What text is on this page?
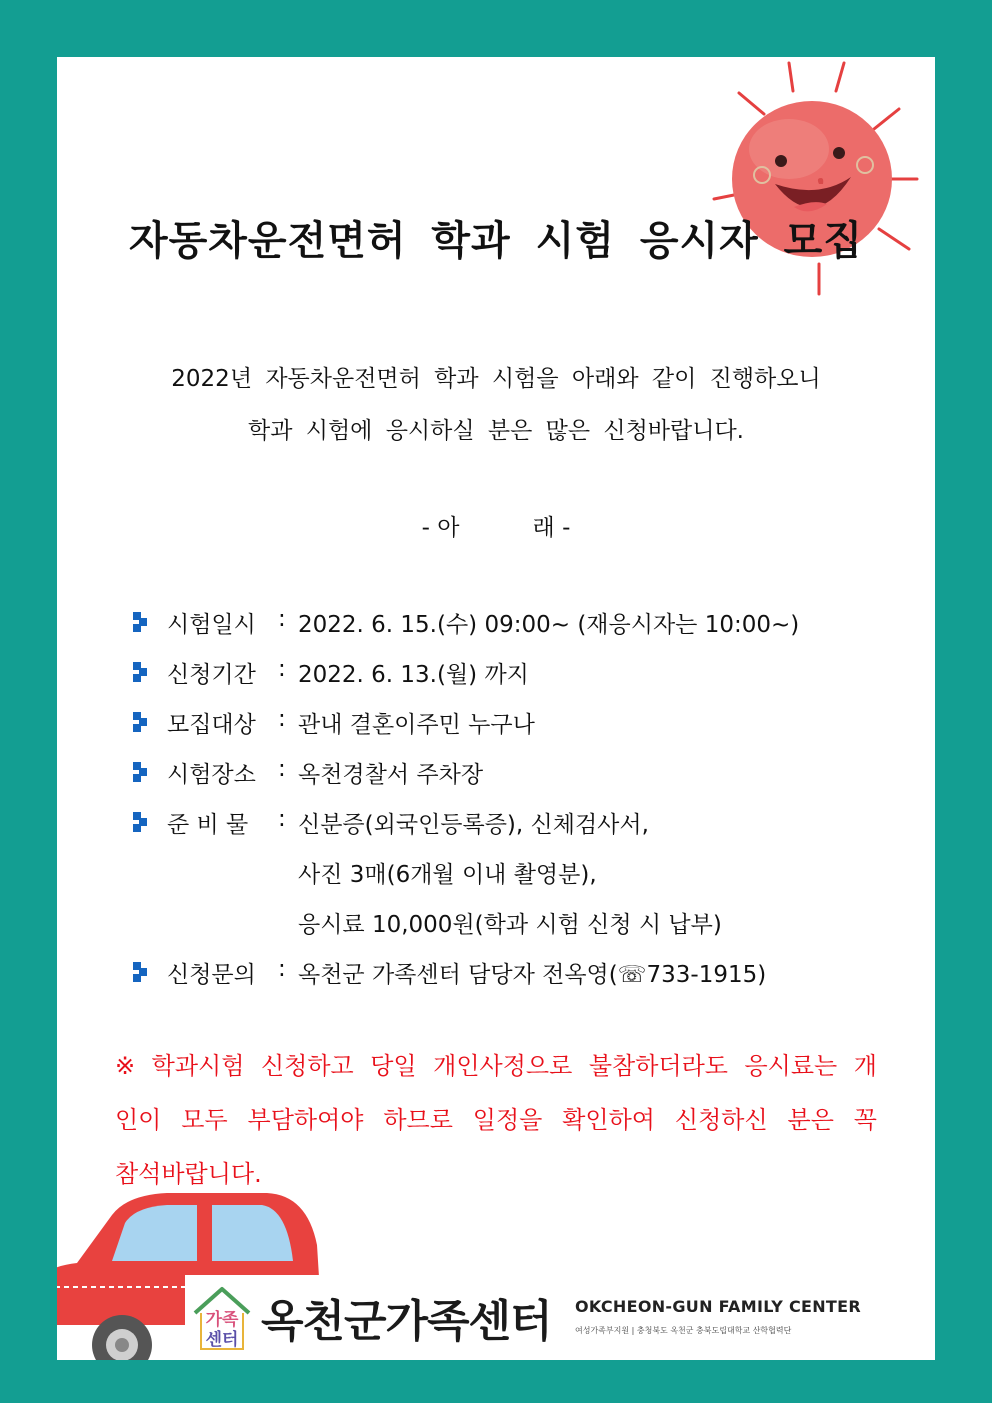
자동차운전면허 학과 시험 응시자 모집
2022년 자동차운전면허 학과 시험을 아래와 같이 진행하오니
학과 시험에 응시하실 분은 많은 신청바랍니다.
- 아          래 -
시험일시 : 2022. 6. 15.(수) 09:00~ (재응시자는 10:00~)
신청기간 : 2022. 6. 13.(월) 까지
모집대상 : 관내 결혼이주민 누구나
시험장소 : 옥천경찰서 주차장
준 비 물 : 신분증(외국인등록증), 신체검사서,
사진 3매(6개월 이내 촬영분),
응시료 10,000원(학과 시험 신청 시 납부)
신청문의 : 옥천군 가족센터 담당자 전옥영(☏733-1915)
※ 학과시험 신청하고 당일 개인사정으로 불참하더라도 응시료는 개
인이 모두 부담하여야 하므로 일정을 확인하여 신청하신 분은 꼭
참석바랍니다.
가족
센터 옥천군가족센터 OKCHEON-GUN FAMILY CENTER
여성가족부지원 | 충청북도 옥천군 충북도립대학교 산학협력단
